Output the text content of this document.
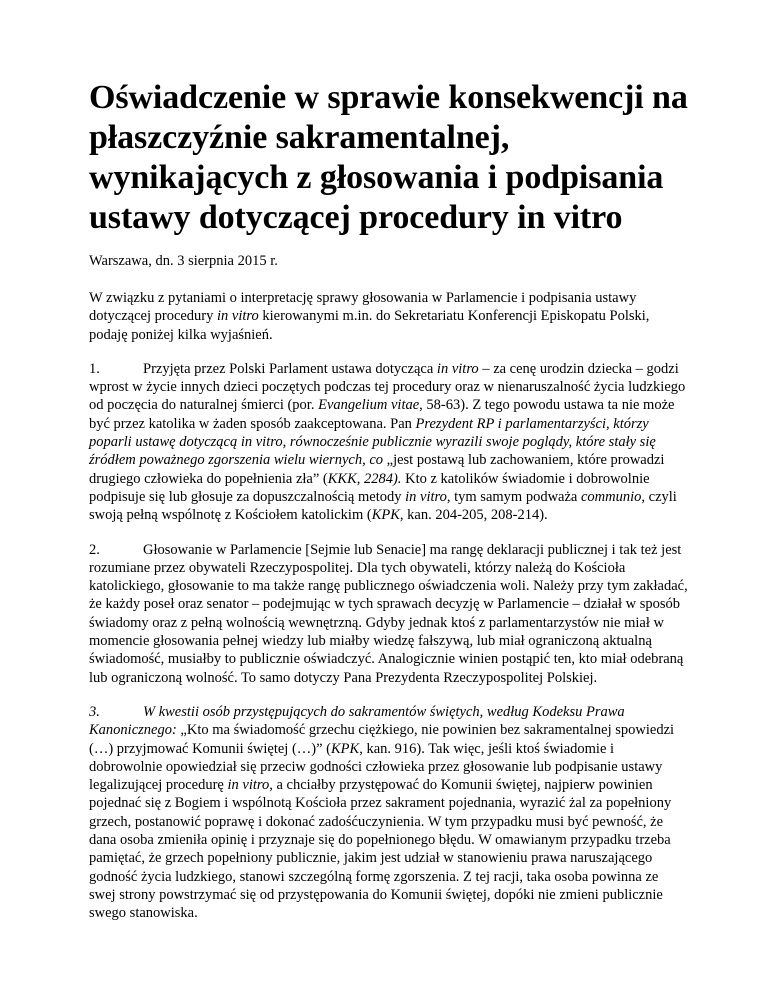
Oświadczenie w sprawie konsekwencji na płaszczyźnie sakramentalnej, wynikających z głosowania i podpisania ustawy dotyczącej procedury in vitro

Warszawa, dn. 3 sierpnia 2015 r.

W związku z pytaniami o interpretację sprawy głosowania w Parlamencie i podpisania ustawy dotyczącej procedury in vitro kierowanymi m.in. do Sekretariatu Konferencji Episkopatu Polski, podaję poniżej kilka wyjaśnień.

1.	Przyjęta przez Polski Parlament ustawa dotycząca in vitro – za cenę urodzin dziecka – godzi wprost w życie innych dzieci poczętych podczas tej procedury oraz w nienaruszalność życia ludzkiego od poczęcia do naturalnej śmierci (por. Evangelium vitae, 58-63). Z tego powodu ustawa ta nie może być przez katolika w żaden sposób zaakceptowana. Pan Prezydent RP i parlamentarzyści, którzy poparli ustawę dotyczącą in vitro, równocześnie publicznie wyrazili swoje poglądy, które stały się źródłem poważnego zgorszenia wielu wiernych, co „jest postawą lub zachowaniem, które prowadzi drugiego człowieka do popełnienia zła” (KKK, 2284). Kto z katolików świadomie i dobrowolnie podpisuje się lub głosuje za dopuszczalnością metody in vitro, tym samym podważa communio, czyli swoją pełną wspólnotę z Kościołem katolickim (KPK, kan. 204-205, 208-214).

2.	Głosowanie w Parlamencie [Sejmie lub Senacie] ma rangę deklaracji publicznej i tak też jest rozumiane przez obywateli Rzeczypospolitej. Dla tych obywateli, którzy należą do Kościoła katolickiego, głosowanie to ma także rangę publicznego oświadczenia woli. Należy przy tym zakładać, że każdy poseł oraz senator – podejmując w tych sprawach decyzję w Parlamencie – działał w sposób świadomy oraz z pełną wolnością wewnętrzną. Gdyby jednak ktoś z parlamentarzystów nie miał w momencie głosowania pełnej wiedzy lub miałby wiedzę fałszywą, lub miał ograniczoną aktualną świadomość, musiałby to publicznie oświadczyć. Analogicznie winien postąpić ten, kto miał odebraną lub ograniczoną wolność. To samo dotyczy Pana Prezydenta Rzeczypospolitej Polskiej.

3.	W kwestii osób przystępujących do sakramentów świętych, według Kodeksu Prawa Kanonicznego: „Kto ma świadomość grzechu ciężkiego, nie powinien bez sakramentalnej spowiedzi (…) przyjmować Komunii świętej (…)” (KPK, kan. 916). Tak więc, jeśli ktoś świadomie i dobrowolnie opowiedział się przeciw godności człowieka przez głosowanie lub podpisanie ustawy legalizującej procedurę in vitro, a chciałby przystępować do Komunii świętej, najpierw powinien pojednać się z Bogiem i wspólnotą Kościoła przez sakrament pojednania, wyrazić żal za popełniony grzech, postanowić poprawę i dokonać zadośćuczynienia. W tym przypadku musi być pewność, że dana osoba zmieniła opinię i przyznaje się do popełnionego błędu. W omawianym przypadku trzeba pamiętać, że grzech popełniony publicznie, jakim jest udział w stanowieniu prawa naruszającego godność życia ludzkiego, stanowi szczególną formę zgorszenia. Z tej racji, taka osoba powinna ze swej strony powstrzymać się od przystępowania do Komunii świętej, dopóki nie zmieni publicznie swego stanowiska.
